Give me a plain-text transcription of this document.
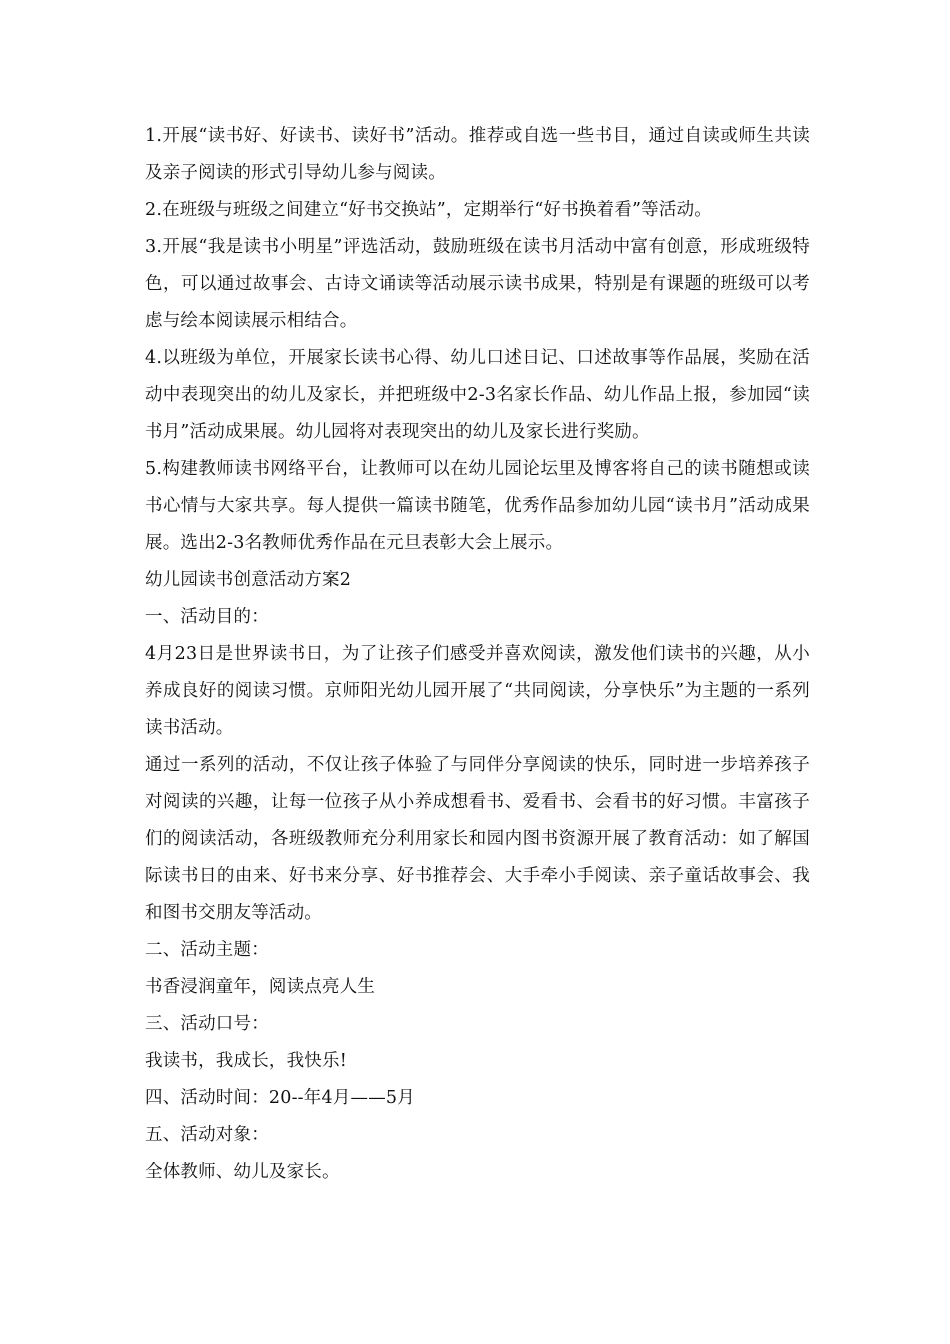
1.开展“读书好、好读书、读好书”活动。推荐或自选一些书目，通过自读或师生共读及亲子阅读的形式引导幼儿参与阅读。

2.在班级与班级之间建立“好书交换站”，定期举行“好书换着看”等活动。

3.开展“我是读书小明星”评选活动，鼓励班级在读书月活动中富有创意，形成班级特色，可以通过故事会、古诗文诵读等活动展示读书成果，特别是有课题的班级可以考虑与绘本阅读展示相结合。

4.以班级为单位，开展家长读书心得、幼儿口述日记、口述故事等作品展，奖励在活动中表现突出的幼儿及家长，并把班级中2-3名家长作品、幼儿作品上报，参加园“读书月”活动成果展。幼儿园将对表现突出的幼儿及家长进行奖励。

5.构建教师读书网络平台，让教师可以在幼儿园论坛里及博客将自己的读书随想或读书心情与大家共享。每人提供一篇读书随笔，优秀作品参加幼儿园“读书月”活动成果展。选出2-3名教师优秀作品在元旦表彰大会上展示。

幼儿园读书创意活动方案2

一、活动目的：

4月23日是世界读书日，为了让孩子们感受并喜欢阅读，激发他们读书的兴趣，从小养成良好的阅读习惯。京师阳光幼儿园开展了“共同阅读，分享快乐”为主题的一系列读书活动。

通过一系列的活动，不仅让孩子体验了与同伴分享阅读的快乐，同时进一步培养孩子对阅读的兴趣，让每一位孩子从小养成想看书、爱看书、会看书的好习惯。丰富孩子们的阅读活动，各班级教师充分利用家长和园内图书资源开展了教育活动：如了解国际读书日的由来、好书来分享、好书推荐会、大手牵小手阅读、亲子童话故事会、我和图书交朋友等活动。

二、活动主题：

书香浸润童年，阅读点亮人生

三、活动口号：

我读书，我成长，我快乐!

四、活动时间：20--年4月——5月

五、活动对象：

全体教师、幼儿及家长。
